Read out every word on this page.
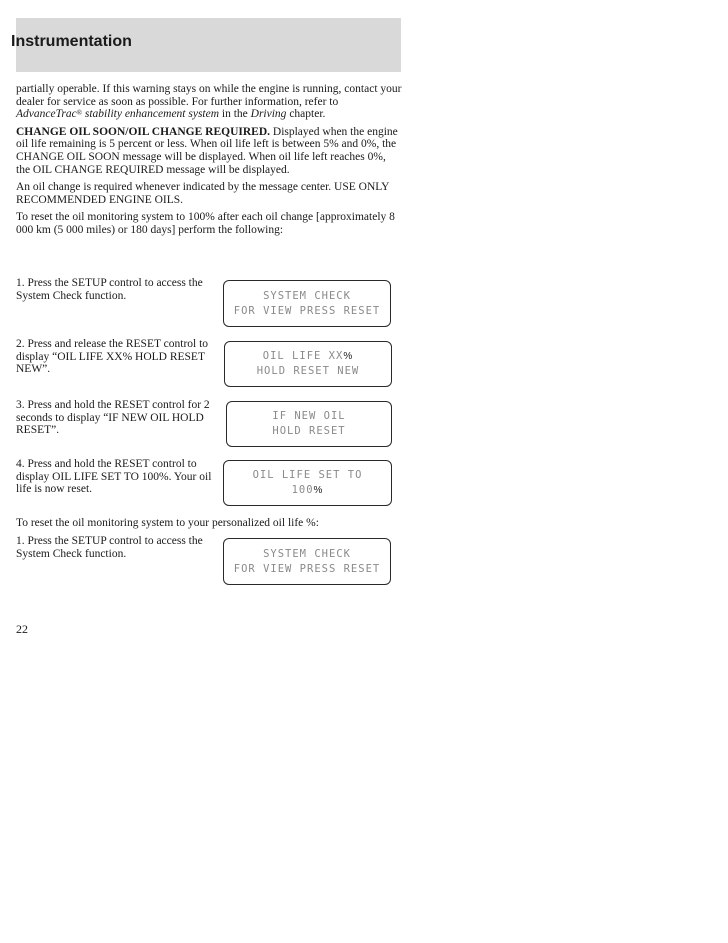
Instrumentation

partially operable. If this warning stays on while the engine is running, contact your dealer for service as soon as possible. For further information, refer to AdvanceTrac® stability enhancement system in the Driving chapter.

CHANGE OIL SOON/OIL CHANGE REQUIRED. Displayed when the engine oil life remaining is 5 percent or less. When oil life left is between 5% and 0%, the CHANGE OIL SOON message will be displayed. When oil life left reaches 0%, the OIL CHANGE REQUIRED message will be displayed.

An oil change is required whenever indicated by the message center. USE ONLY RECOMMENDED ENGINE OILS.

To reset the oil monitoring system to 100% after each oil change [approximately 8 000 km (5 000 miles) or 180 days] perform the following:

1. Press the SETUP control to access the System Check function.	SYSTEM CHECK
FOR VIEW PRESS RESET
2. Press and release the RESET control to display “OIL LIFE XX% HOLD RESET NEW”.
OIL LIFE XX%
HOLD RESET NEW
3. Press and hold the RESET control for 2 seconds to display “IF NEW OIL HOLD RESET”.
IF NEW OIL
HOLD RESET
4. Press and hold the RESET control to display OIL LIFE SET TO 100%. Your oil life is now reset.
OIL LIFE SET TO
100%
To reset the oil monitoring system to your personalized oil life %:
1. Press the SETUP control to access the System Check function.	SYSTEM CHECK
FOR VIEW PRESS RESET
22
